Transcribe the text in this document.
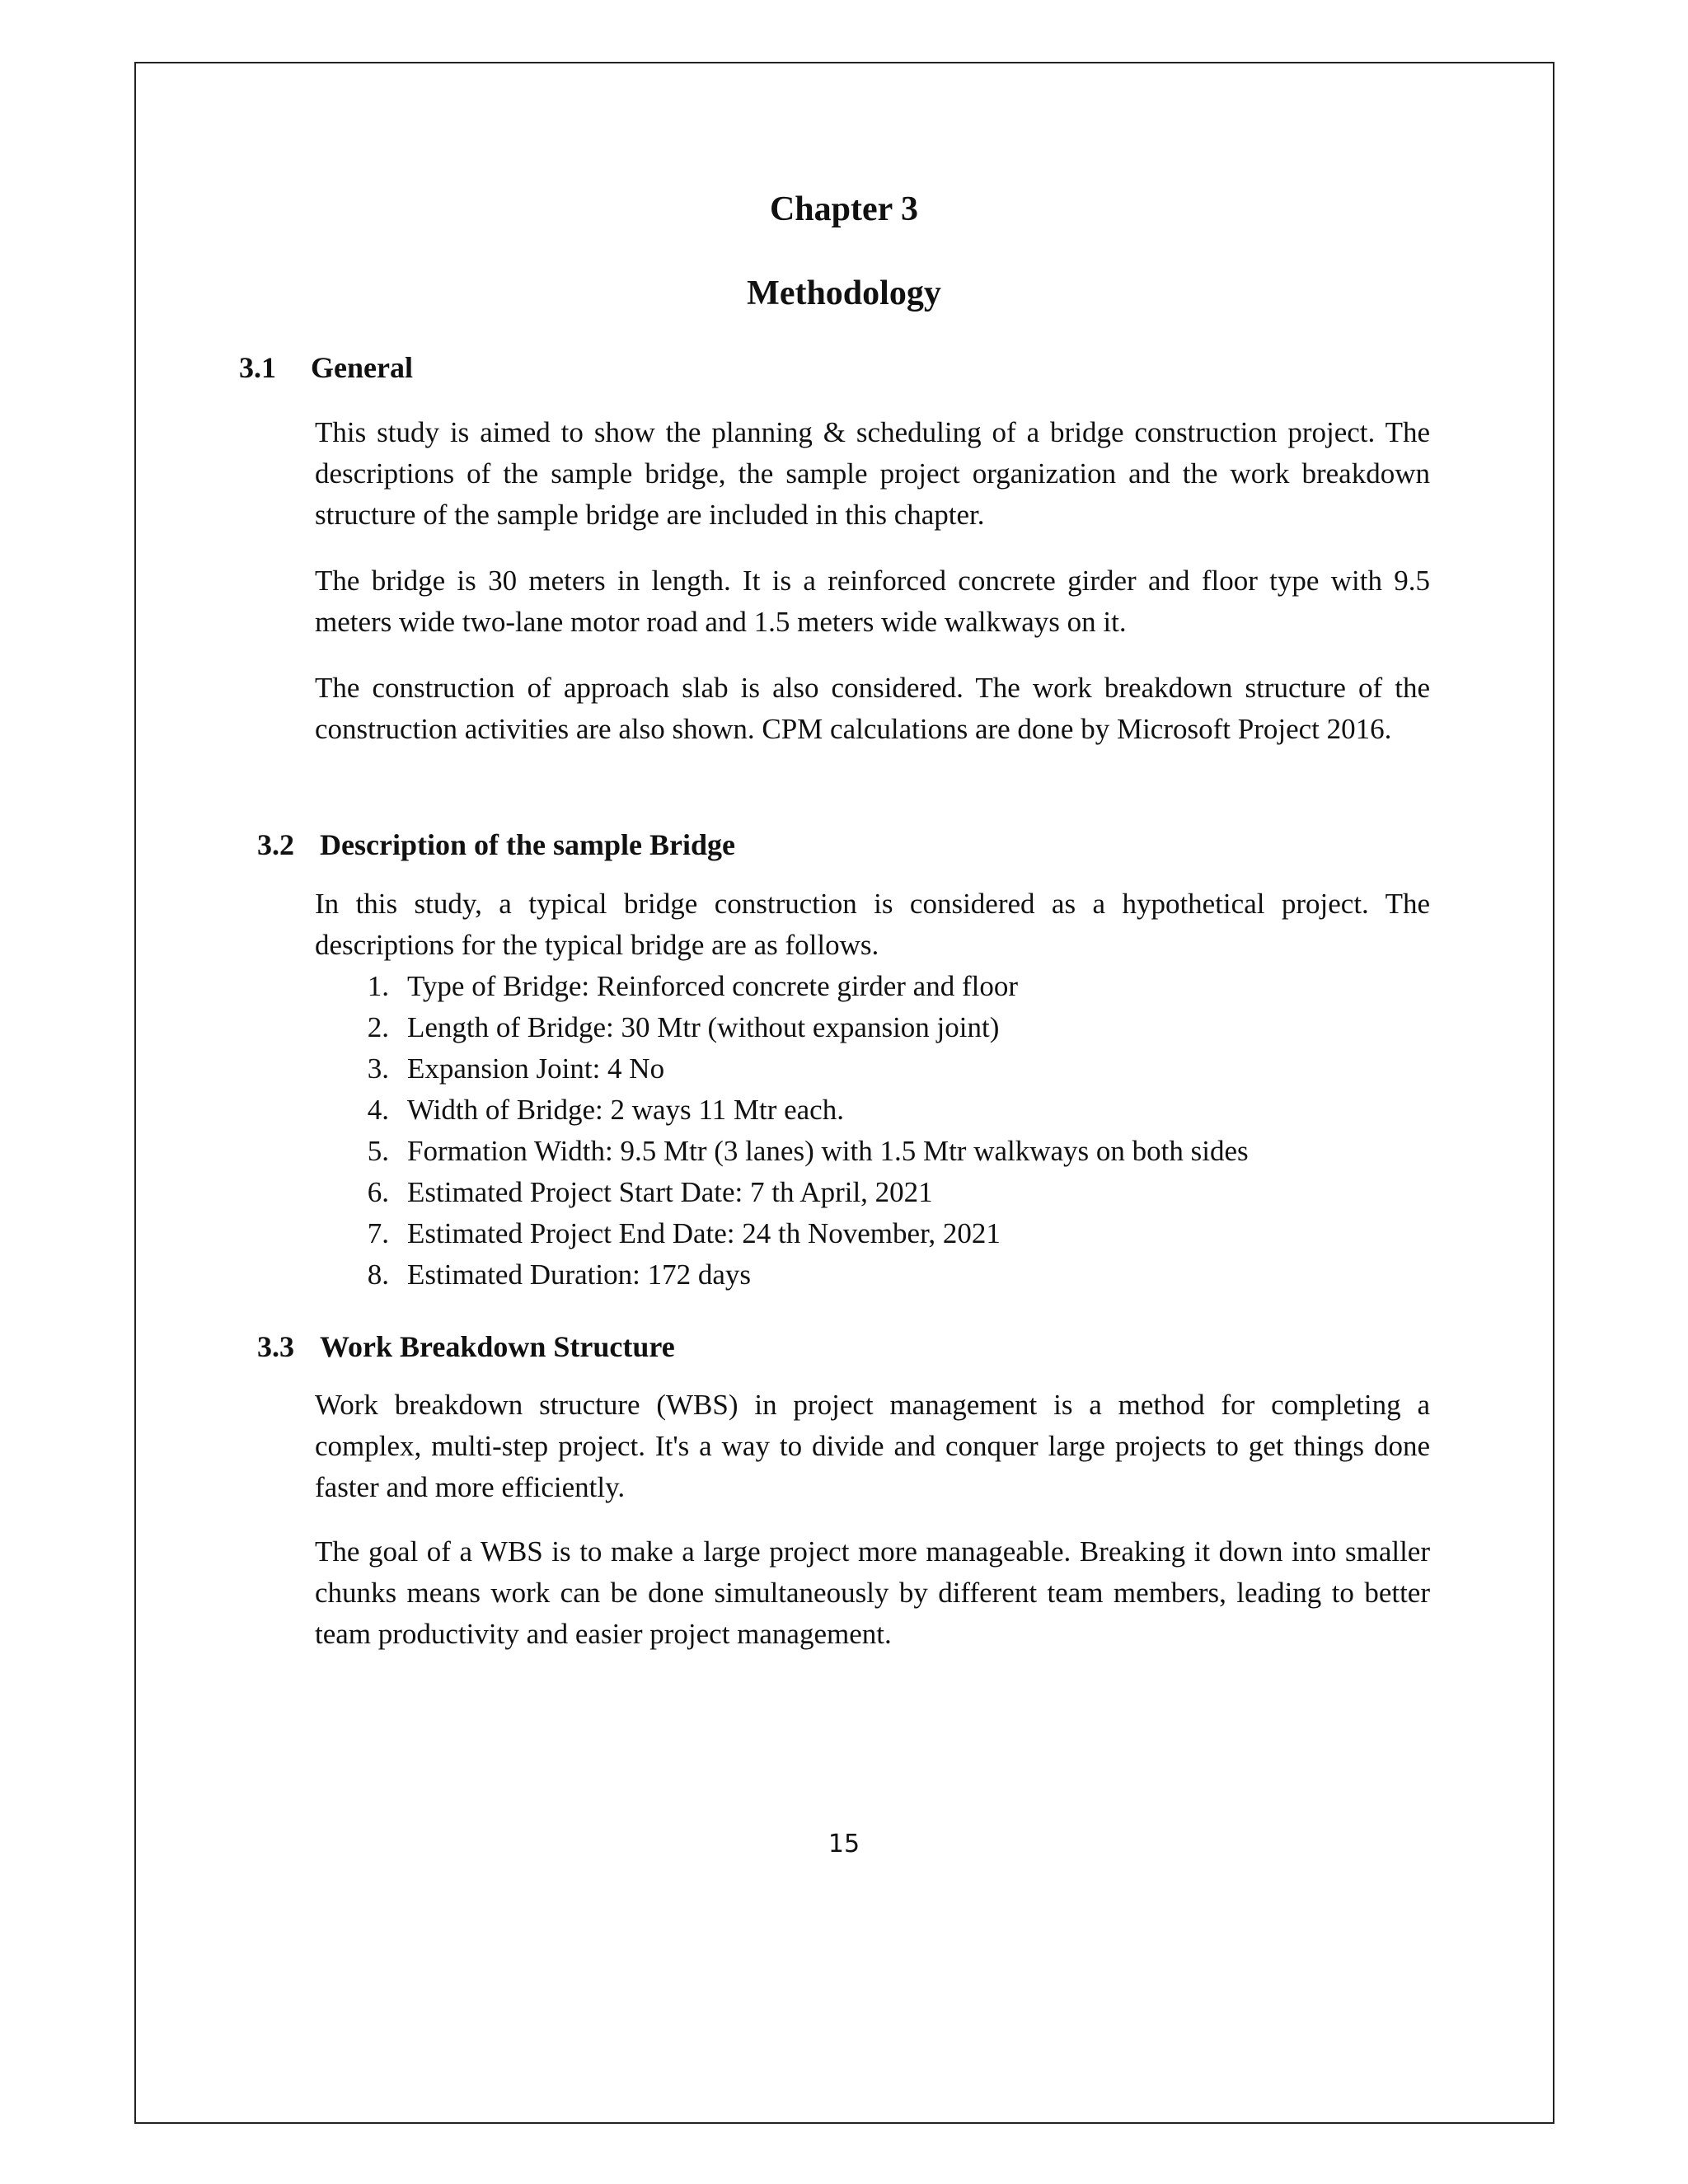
Chapter 3
Methodology
3.1 General

This study is aimed to show the planning & scheduling of a bridge construction project. The descriptions of the sample bridge, the sample project organization and the work breakdown structure of the sample bridge are included in this chapter.

The bridge is 30 meters in length. It is a reinforced concrete girder and floor type with 9.5 meters wide two-lane motor road and 1.5 meters wide walkways on it.

The construction of approach slab is also considered. The work breakdown structure of the construction activities are also shown. CPM calculations are done by Microsoft Project 2016.

3.2 Description of the sample Bridge

In this study, a typical bridge construction is considered as a hypothetical project. The descriptions for the typical bridge are as follows.

1. Type of Bridge: Reinforced concrete girder and floor
2. Length of Bridge: 30 Mtr (without expansion joint)
3. Expansion Joint: 4 No
4. Width of Bridge: 2 ways 11 Mtr each.
5. Formation Width: 9.5 Mtr (3 lanes) with 1.5 Mtr walkways on both sides
6. Estimated Project Start Date: 7 th April, 2021
7. Estimated Project End Date: 24 th November, 2021
8. Estimated Duration: 172 days
3.3 Work Breakdown Structure

Work breakdown structure (WBS) in project management is a method for completing a complex, multi-step project. It's a way to divide and conquer large projects to get things done faster and more efficiently.

The goal of a WBS is to make a large project more manageable. Breaking it down into smaller chunks means work can be done simultaneously by different team members, leading to better team productivity and easier project management.

15
